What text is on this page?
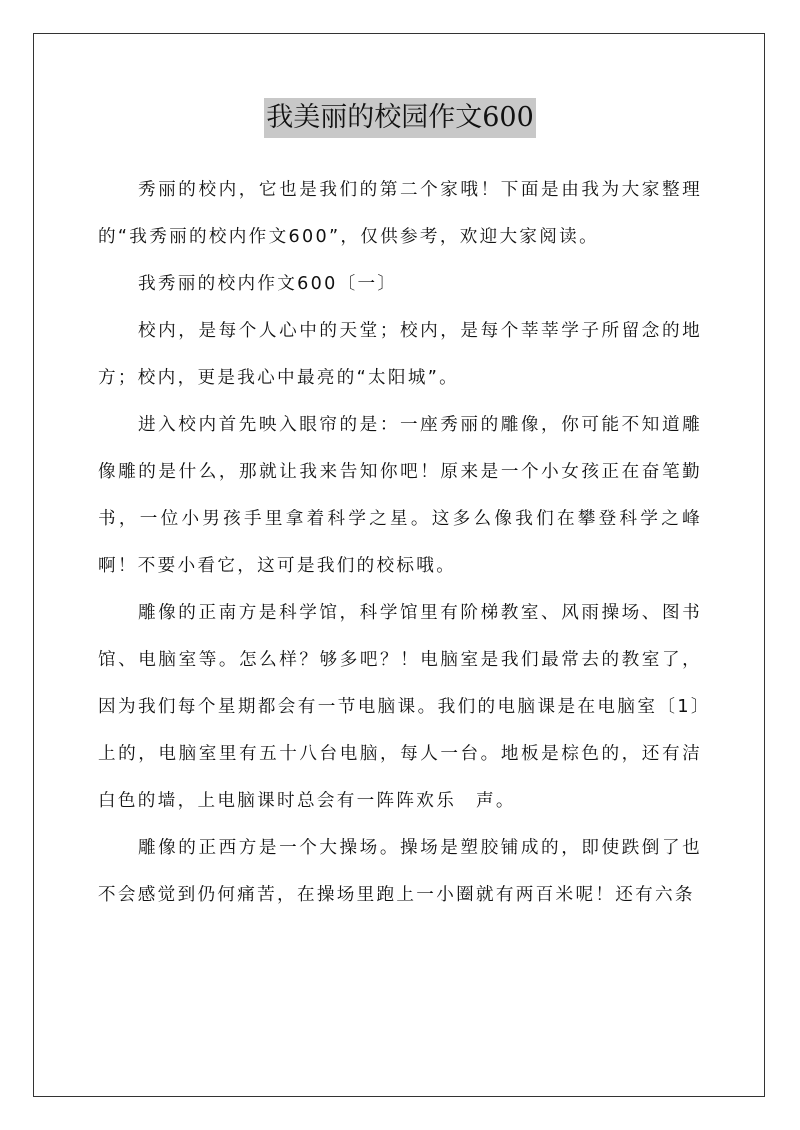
我美丽的校园作文600

秀丽的校内，它也是我们的第二个家哦！下面是由我为大家整理的“我秀丽的校内作文600”，仅供参考，欢迎大家阅读。

我秀丽的校内作文600〔一〕

校内，是每个人心中的天堂；校内，是每个莘莘学子所留念的地方；校内，更是我心中最亮的“太阳城”。

进入校内首先映入眼帘的是：一座秀丽的雕像，你可能不知道雕像雕的是什么，那就让我来告知你吧！原来是一个小女孩正在奋笔勤书，一位小男孩手里拿着科学之星。这多么像我们在攀登科学之峰啊！不要小看它，这可是我们的校标哦。

雕像的正南方是科学馆，科学馆里有阶梯教室、风雨操场、图书馆、电脑室等。怎么样？够多吧？！电脑室是我们最常去的教室了，因为我们每个星期都会有一节电脑课。我们的电脑课是在电脑室〔1〕上的，电脑室里有五十八台电脑，每人一台。地板是棕色的，还有洁白色的墙，上电脑课时总会有一阵阵欢乐　声。

雕像的正西方是一个大操场。操场是塑胶铺成的，即使跌倒了也不会感觉到仍何痛苦，在操场里跑上一小圈就有两百米呢！还有六条
